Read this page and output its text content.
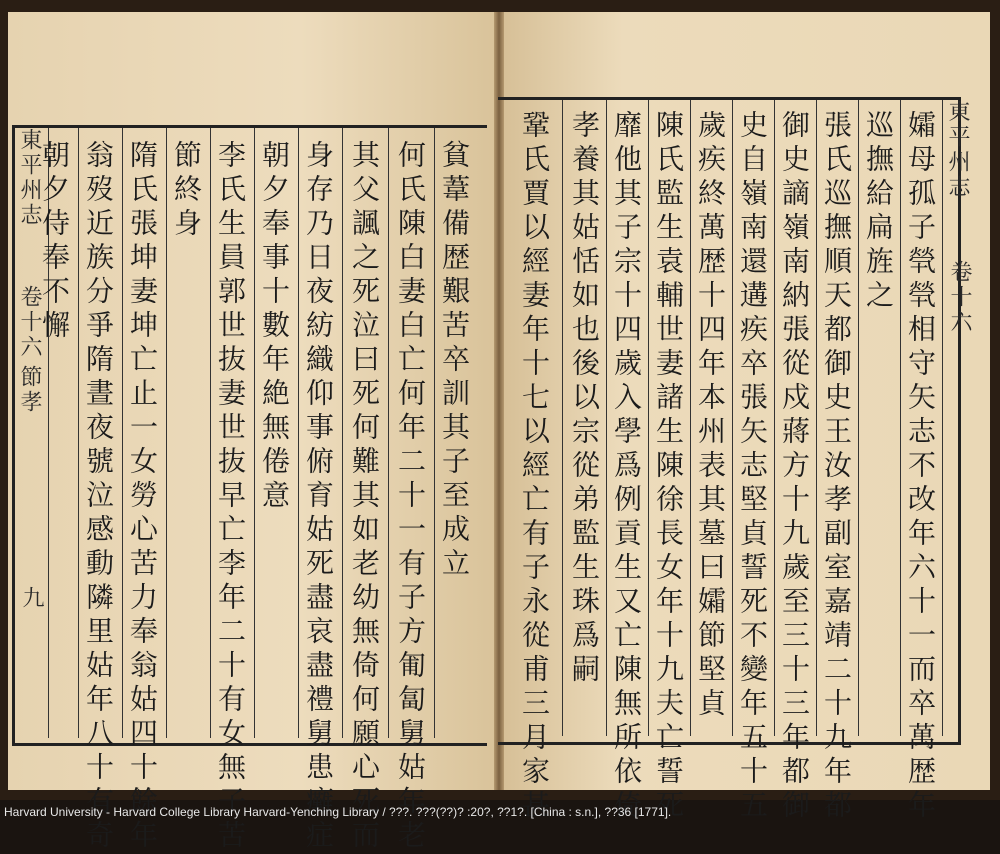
東平州志
卷十六
節孝
九
朝夕侍奉不懈 翁歿近族分爭隋晝夜號泣感動隣里姑年八十有奇 隋氏張坤妻坤亡止一女勞心苦力奉翁姑四十餘年 節終身 李氏生員郭世抜妻世抜早亡李年二十有女無子苦 朝夕奉事十數年絶無倦意 身存乃日夜紡織仰事俯育姑死盡哀盡禮舅患癱症 其父諷之死泣曰死何難其如老幼無倚何願心死而 何氏陳白妻白亡何年二十一有子方匍匐舅姑年老 貧葦備歴艱苦卒訓其子至成立	東平州志
卷十六
孀母孤子煢煢相守矢志不改年六十一而卒萬歴年
巡撫給扁旌之
張氏巡撫順天都御史王汝孝副室嘉靖二十九年都
御史謫嶺南納張從戍蔣方十九歲至三十三年都御
史自嶺南還遘疾卒張矢志堅貞誓死不變年五十五
歲疾終萬歴十四年本州表其墓曰孀節堅貞
陳氏監生袁輔世妻諸生陳徐長女年十九夫亡誓死
靡他其子宗十四歲入學爲例貢生又亡陳無所依倚
孝養其姑恬如也後以宗從弟監生珠爲嗣
鞏氏賈以經妻年十七以經亡有子永從甫三月家甚
Harvard University - Harvard College Library Harvard-Yenching Library / ???. ???(??)? :20?, ??1?. [China : s.n.], ??36 [1771].
